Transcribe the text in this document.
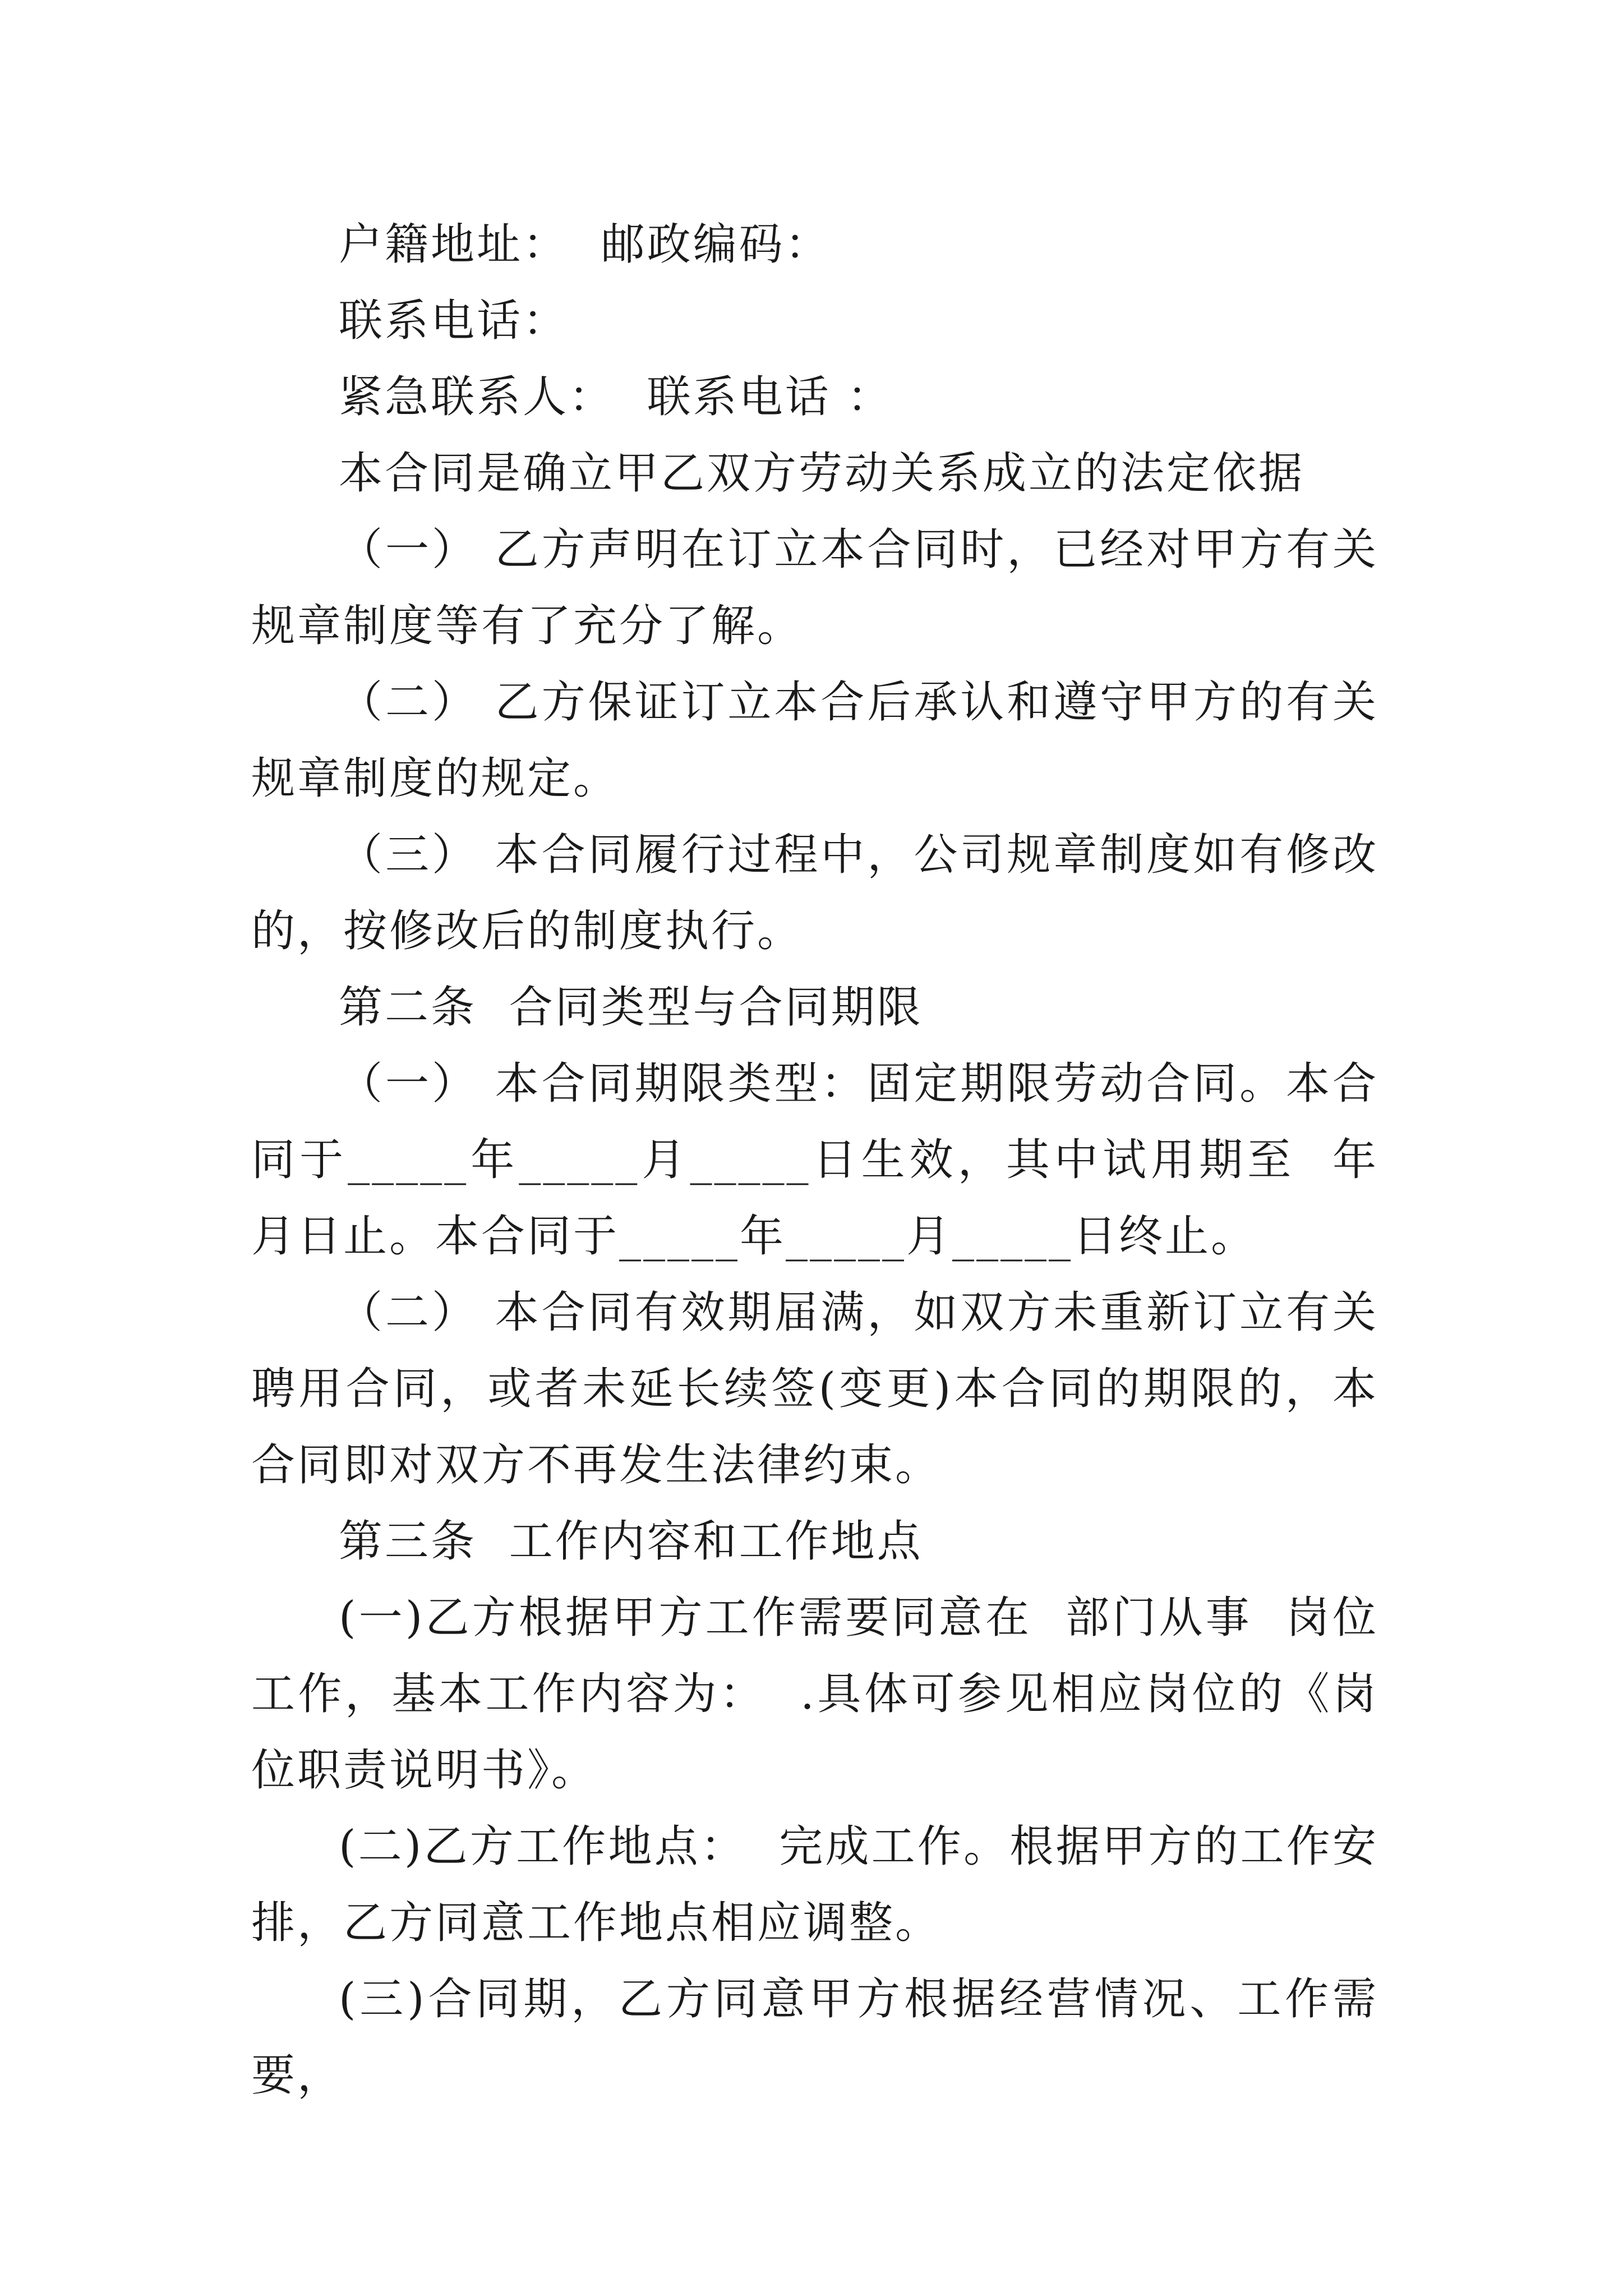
户籍地址：  邮政编码：

联系电话：

紧急联系人：  联系电话 ：

本合同是确立甲乙双方劳动关系成立的法定依据

（一） 乙方声明在订立本合同时，已经对甲方有关规章制度等有了充分了解。

（二） 乙方保证订立本合后承认和遵守甲方的有关规章制度的规定。

（三） 本合同履行过程中，公司规章制度如有修改的，按修改后的制度执行。

第二条  合同类型与合同期限

（一） 本合同期限类型：固定期限劳动合同。本合同于_____年_____月_____日生效，其中试用期至  年  月日止。本合同于_____年_____月_____日终止。

（二） 本合同有效期届满，如双方未重新订立有关聘用合同，或者未延长续签(变更)本合同的期限的，本合同即对双方不再发生法律约束。

第三条  工作内容和工作地点

(一)乙方根据甲方工作需要同意在  部门从事  岗位工作，基本工作内容为：  .具体可参见相应岗位的《岗位职责说明书》。

(二)乙方工作地点：  完成工作。根据甲方的工作安排，乙方同意工作地点相应调整。

(三)合同期，乙方同意甲方根据经营情况、工作需要，
